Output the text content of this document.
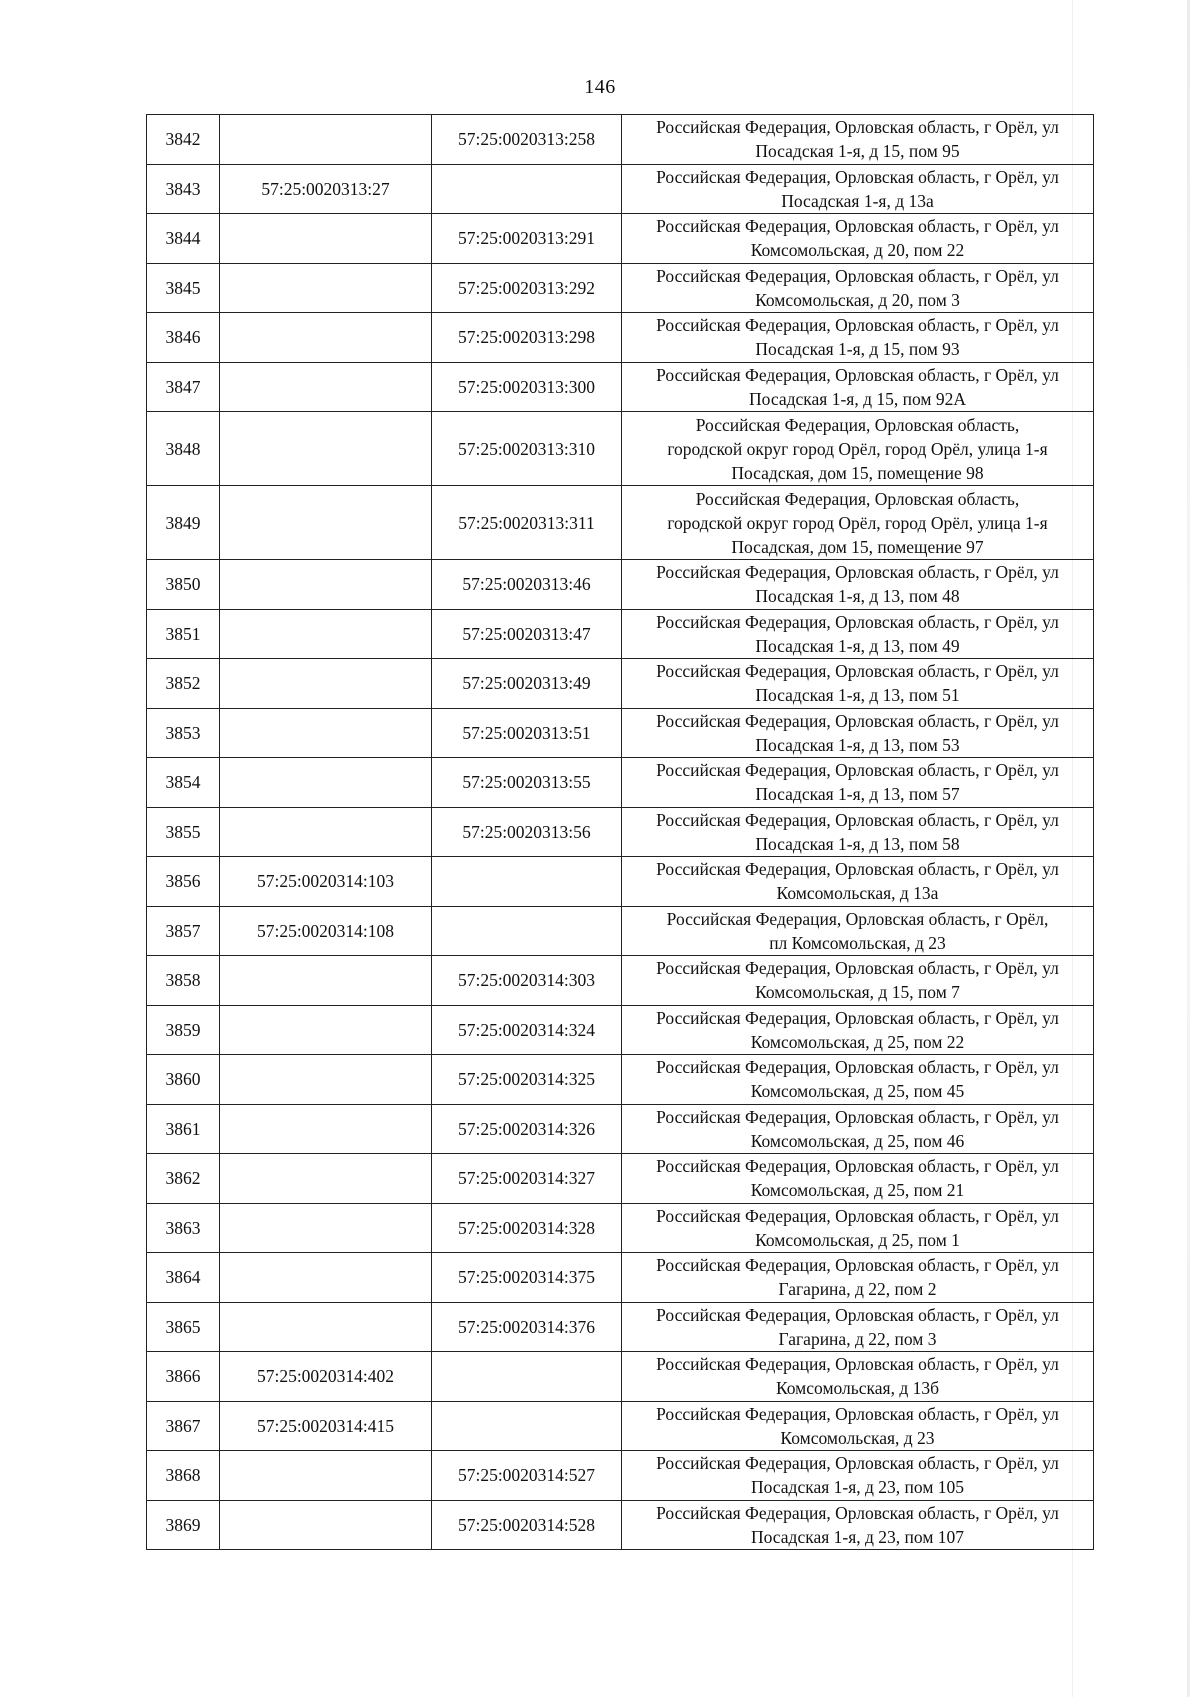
146
3842		57:25:0020313:258	Российская Федерация, Орловская область, г Орёл, ул
Посадская 1-я, д 15, пом 95

3843	57:25:0020313:27		Российская Федерация, Орловская область, г Орёл, ул
Посадская 1-я, д 13а

3844		57:25:0020313:291	Российская Федерация, Орловская область, г Орёл, ул
Комсомольская, д 20, пом 22

3845		57:25:0020313:292	Российская Федерация, Орловская область, г Орёл, ул
Комсомольская, д 20, пом 3

3846		57:25:0020313:298	Российская Федерация, Орловская область, г Орёл, ул
Посадская 1-я, д 15, пом 93

3847		57:25:0020313:300	Российская Федерация, Орловская область, г Орёл, ул
Посадская 1-я, д 15, пом 92А

3848		57:25:0020313:310	Российская Федерация, Орловская область,
городской округ город Орёл, город Орёл, улица 1-я
Посадская, дом 15, помещение 98

3849		57:25:0020313:311	Российская Федерация, Орловская область,
городской округ город Орёл, город Орёл, улица 1-я
Посадская, дом 15, помещение 97

3850		57:25:0020313:46	Российская Федерация, Орловская область, г Орёл, ул
Посадская 1-я, д 13, пом 48

3851		57:25:0020313:47	Российская Федерация, Орловская область, г Орёл, ул
Посадская 1-я, д 13, пом 49

3852		57:25:0020313:49	Российская Федерация, Орловская область, г Орёл, ул
Посадская 1-я, д 13, пом 51

3853		57:25:0020313:51	Российская Федерация, Орловская область, г Орёл, ул
Посадская 1-я, д 13, пом 53

3854		57:25:0020313:55	Российская Федерация, Орловская область, г Орёл, ул
Посадская 1-я, д 13, пом 57

3855		57:25:0020313:56	Российская Федерация, Орловская область, г Орёл, ул
Посадская 1-я, д 13, пом 58

3856	57:25:0020314:103		Российская Федерация, Орловская область, г Орёл, ул
Комсомольская, д 13а

3857	57:25:0020314:108		Российская Федерация, Орловская область, г Орёл,
пл Комсомольская, д 23

3858		57:25:0020314:303	Российская Федерация, Орловская область, г Орёл, ул
Комсомольская, д 15, пом 7

3859		57:25:0020314:324	Российская Федерация, Орловская область, г Орёл, ул
Комсомольская, д 25, пом 22

3860		57:25:0020314:325	Российская Федерация, Орловская область, г Орёл, ул
Комсомольская, д 25, пом 45

3861		57:25:0020314:326	Российская Федерация, Орловская область, г Орёл, ул
Комсомольская, д 25, пом 46

3862		57:25:0020314:327	Российская Федерация, Орловская область, г Орёл, ул
Комсомольская, д 25, пом 21

3863		57:25:0020314:328	Российская Федерация, Орловская область, г Орёл, ул
Комсомольская, д 25, пом 1

3864		57:25:0020314:375	Российская Федерация, Орловская область, г Орёл, ул
Гагарина, д 22, пом 2

3865		57:25:0020314:376	Российская Федерация, Орловская область, г Орёл, ул
Гагарина, д 22, пом 3

3866	57:25:0020314:402		Российская Федерация, Орловская область, г Орёл, ул
Комсомольская, д 13б

3867	57:25:0020314:415		Российская Федерация, Орловская область, г Орёл, ул
Комсомольская, д 23

3868		57:25:0020314:527	Российская Федерация, Орловская область, г Орёл, ул
Посадская 1-я, д 23, пом 105

3869		57:25:0020314:528	Российская Федерация, Орловская область, г Орёл, ул
Посадская 1-я, д 23, пом 107
